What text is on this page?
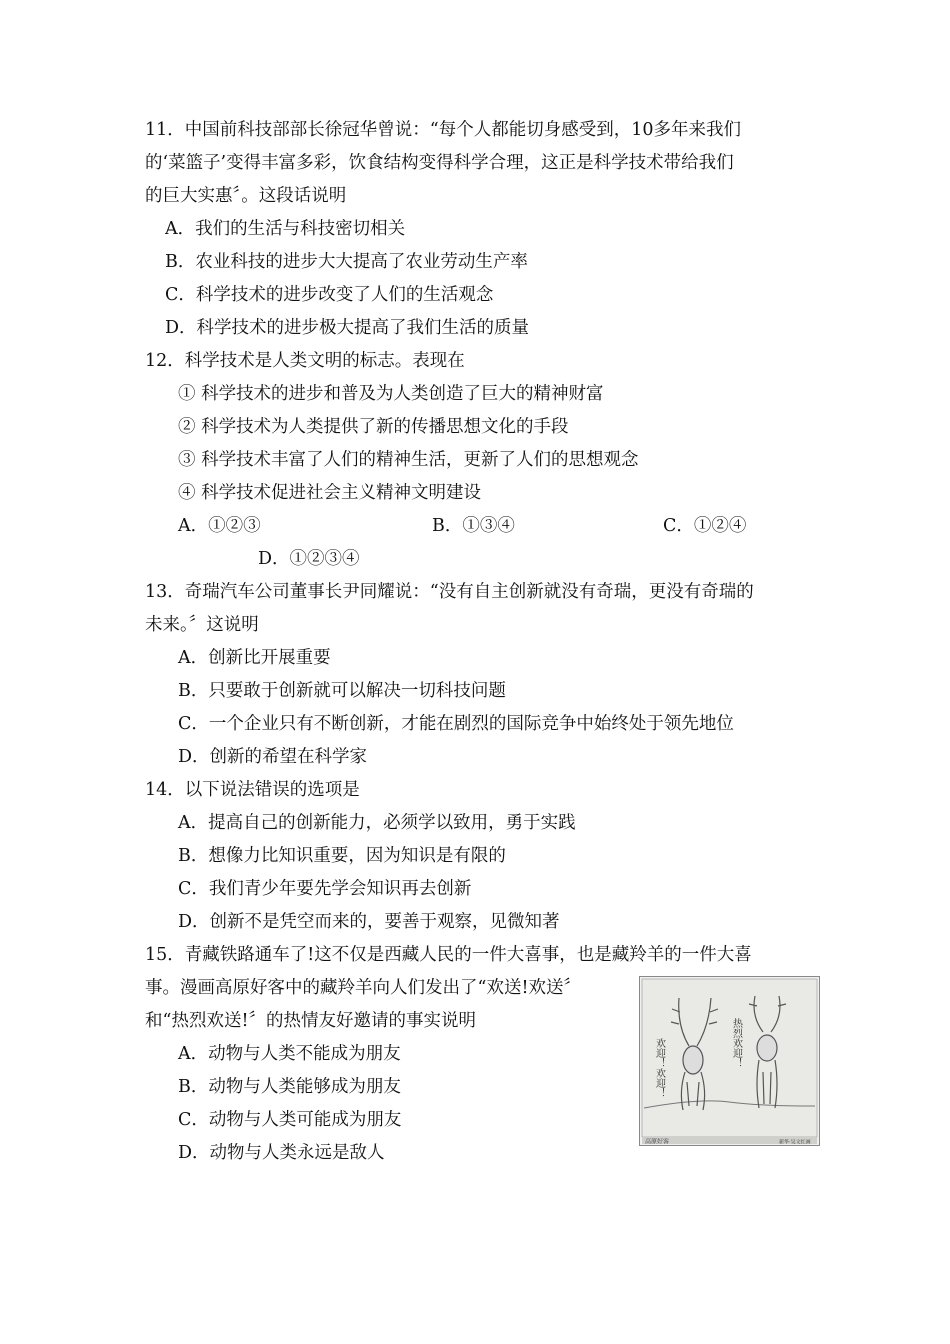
11．中国前科技部部长徐冠华曾说：“每个人都能切身感受到，10多年来我们
的‘菜篮子’变得丰富多彩，饮食结构变得科学合理，这正是科学技术带给我们
的巨大实惠〞。这段话说明
A．我们的生活与科技密切相关
B．农业科技的进步大大提高了农业劳动生产率
C．科学技术的进步改变了人们的生活观念
D．科学技术的进步极大提高了我们生活的质量
12．科学技术是人类文明的标志。表现在
① 科学技术的进步和普及为人类创造了巨大的精神财富
② 科学技术为人类提供了新的传播思想文化的手段
③ 科学技术丰富了人们的精神生活，更新了人们的思想观念
④ 科学技术促进社会主义精神文明建设
A．①②③	B．①③④	C．①②④
D．①②③④
13．奇瑞汽车公司董事长尹同耀说：“没有自主创新就没有奇瑞，更没有奇瑞的
未来。〞这说明
A．创新比开展重要
B．只要敢于创新就可以解决一切科技问题
C．一个企业只有不断创新，才能在剧烈的国际竞争中始终处于领先地位
D．创新的希望在科学家
14．以下说法错误的选项是
A．提高自己的创新能力，必须学以致用，勇于实践
B．想像力比知识重要，因为知识是有限的
C．我们青少年要先学会知识再去创新
D．创新不是凭空而来的，要善于观察，见微知著
15．青藏铁路通车了!这不仅是西藏人民的一件大喜事，也是藏羚羊的一件大喜
事。漫画高原好客中的藏羚羊向人们发出了“欢送!欢送〞
和“热烈欢送!〞的热情友好邀请的事实说明
A．动物与人类不能成为朋友
B．动物与人类能够成为朋友
C．动物与人类可能成为朋友
D．动物与人类永远是敌人
欢迎！欢迎！	热烈欢迎！
高原好客	新华·吴文红画
